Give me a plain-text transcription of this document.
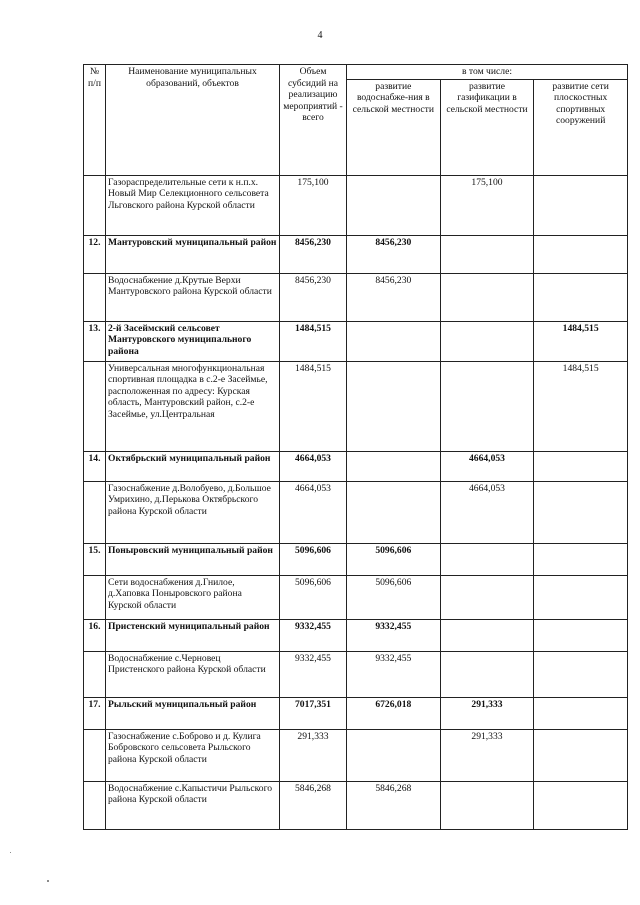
4
№ п/п	Наименование муниципальных образований, объектов	Объем субсидий на реализацию мероприятий - всего	в том числе:		
			развитие водоснабже-ния в сельской местности	развитие газификации в сельской местности	развитие сети плоскостных спортивных сооружений
	Газораспределительные сети к н.п.х. Новый Мир Селекционного сельсовета Льговского района Курской области	175,100		175,100	
12.	Мантуровский муниципальный район	8456,230	8456,230		
	Водоснабжение д.Крутые Верхи Мантуровского района Курской области	8456,230	8456,230		
13.	2-й Засеймский сельсовет Мантуровского муниципального района	1484,515			1484,515
	Универсальная многофункциональная спортивная площадка в с.2-е Засеймье, расположенная по адресу: Курская область, Мантуровский район, с.2-е Засеймье, ул.Центральная	1484,515			1484,515
14.	Октябрьский муниципальный район	4664,053		4664,053	
	Газоснабжение д.Волобуево, д.Большое Умрихино, д.Перькова Октябрьского района Курской области	4664,053		4664,053	
15.	Поныровский муниципальный район	5096,606	5096,606		
	Сети водоснабжения д.Гнилое, д.Хаповка Поныровского района Курской области	5096,606	5096,606		
16.	Пристенский муниципальный район	9332,455	9332,455		
	Водоснабжение с.Черновец Пристенского района Курской области	9332,455	9332,455		
17.	Рыльский муниципальный район	7017,351	6726,018	291,333	
	Газоснабжение с.Боброво и д. Кулига Бобровского сельсовета Рыльского района Курской области	291,333		291,333	
	Водоснабжение с.Капыстичи Рыльского района Курской области	5846,268	5846,268		
